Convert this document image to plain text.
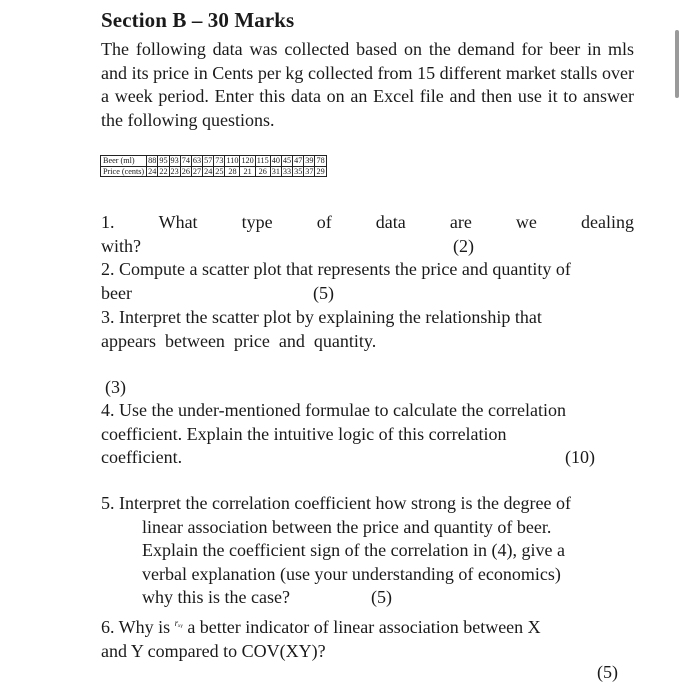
Section B – 30 Marks
The following data was collected based on the demand for beer in mls and its price in Cents per kg collected from 15 different market stalls over a week period. Enter this data on an Excel file and then use it to answer the following questions.
Beer (ml)	88	95	93	74	63	57	73	110	120	115	40	45	47	39	78
Price (cents)	24	22	23	26	27	24	25	28	21	26	31	33	35	37	29
1. What type of data are we dealing
with?	(2)
2. Compute a scatter plot that represents the price and quantity of
beer	(5)
3. Interpret the scatter plot by explaining the relationship that
appears  between  price  and  quantity.
(3)
4. Use the under-mentioned formulae to calculate the correlation
coefficient. Explain the intuitive logic of this correlation
coefficient.	(10)
5. Interpret the correlation coefficient how strong is the degree of
linear association between the price and quantity of beer.
Explain the coefficient sign of the correlation in (4), give a
verbal explanation (use your understanding of economics)
why this is the case?	(5)
6. Why is $^{r_xᵧ}$ a better indicator of linear association between X
and Y compared to COV(XY)?
(5)
